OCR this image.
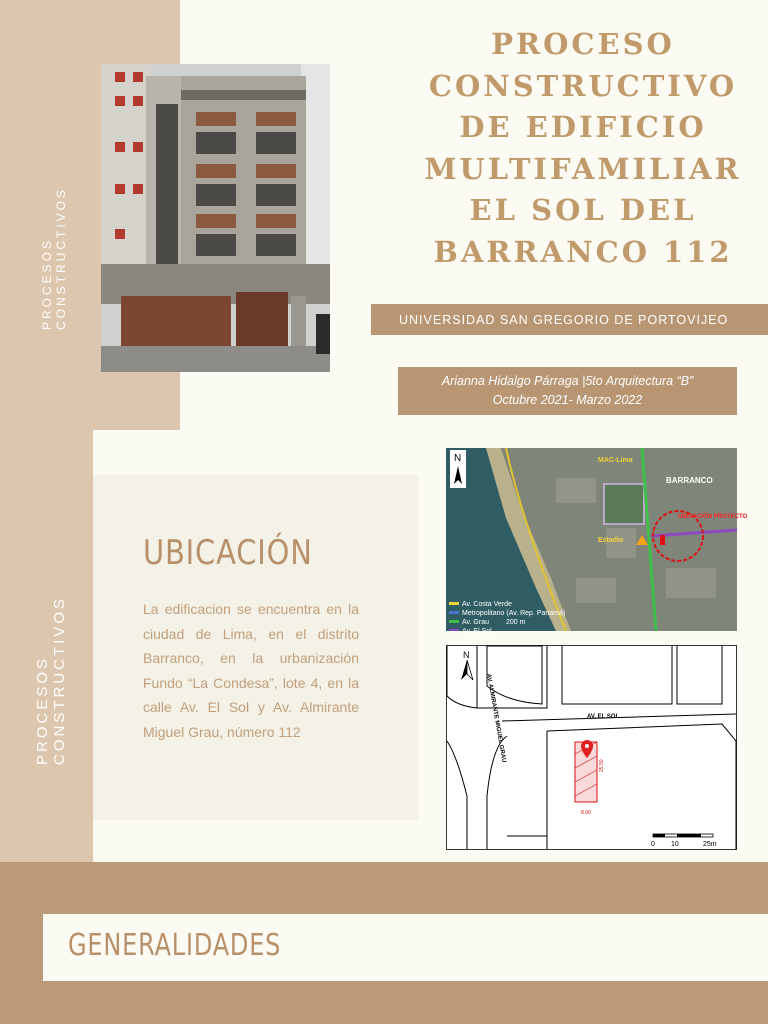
PROCESOS CONSTRUCTIVOS
PROCESOS CONSTRUCTIVOS
PROCESO
CONSTRUCTIVO
DE EDIFICIO
MULTIFAMILIAR
EL SOL DEL
BARRANCO 112
UNIVERSIDAD SAN GREGORIO DE PORTOVIJEO
Arianna Hidalgo Párraga |5to Arquitectura “B”
Octubre 2021- Marzo 2022
UBICACIÓN
La edificacion se encuentra en la ciudad de Lima, en el distrito Barranco, en la urbanización Fundo “La Condesa”, lote 4, en la calle Av. El Sol y Av. Almirante Miguel Grau, número 112
N	MAC-Lima
BARRANCO
UBICACIÓN PROYECTO
Estadio
Av. Costa Verde
Metropolitano (Av. Rep. Panamá)
Av. Grau
Av. El Sol
200 m
25.50
8.00
AV. EL SOL
AV. ALMIRANTE MIGUEL GRAU
N
0 10	25m
GENERALIDADES
